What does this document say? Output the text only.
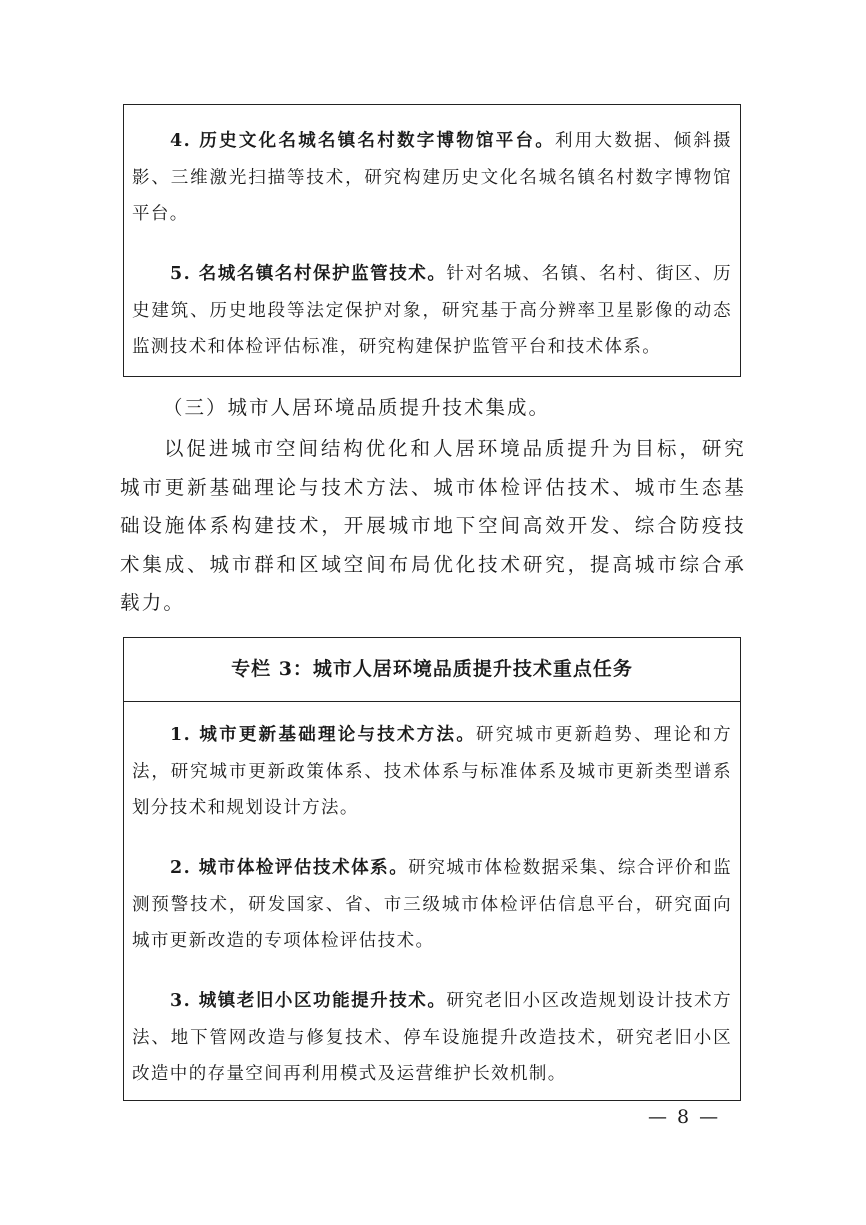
4. 历史文化名城名镇名村数字博物馆平台。利用大数据、倾斜摄影、三维激光扫描等技术，研究构建历史文化名城名镇名村数字博物馆平台。
5. 名城名镇名村保护监管技术。针对名城、名镇、名村、街区、历史建筑、历史地段等法定保护对象，研究基于高分辨率卫星影像的动态监测技术和体检评估标准，研究构建保护监管平台和技术体系。
（三）城市人居环境品质提升技术集成。
以促进城市空间结构优化和人居环境品质提升为目标，研究城市更新基础理论与技术方法、城市体检评估技术、城市生态基础设施体系构建技术，开展城市地下空间高效开发、综合防疫技术集成、城市群和区域空间布局优化技术研究，提高城市综合承载力。
专栏 3：城市人居环境品质提升技术重点任务
1. 城市更新基础理论与技术方法。研究城市更新趋势、理论和方法，研究城市更新政策体系、技术体系与标准体系及城市更新类型谱系划分技术和规划设计方法。
2. 城市体检评估技术体系。研究城市体检数据采集、综合评价和监测预警技术，研发国家、省、市三级城市体检评估信息平台，研究面向城市更新改造的专项体检评估技术。
3. 城镇老旧小区功能提升技术。研究老旧小区改造规划设计技术方法、地下管网改造与修复技术、停车设施提升改造技术，研究老旧小区改造中的存量空间再利用模式及运营维护长效机制。
— 8 —
